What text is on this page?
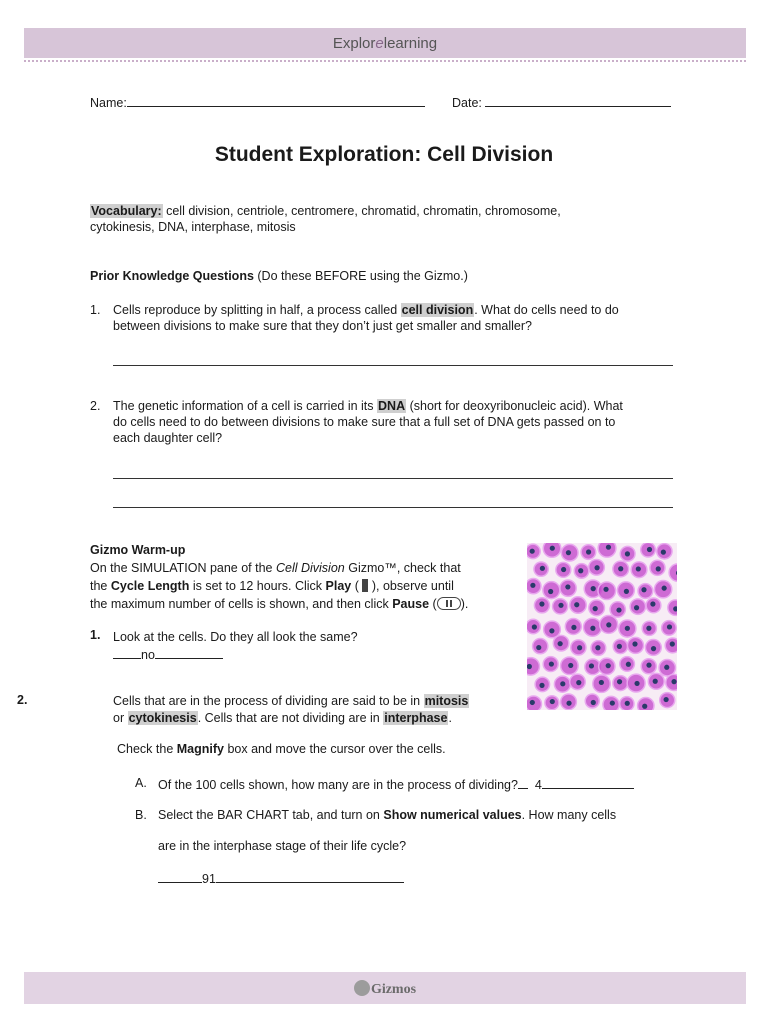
Explorelearning
Name:	Date:
Student Exploration: Cell Division

Vocabulary: cell division, centriole, centromere, chromatid, chromatin, chromosome,

cytokinesis, DNA, interphase, mitosis

Prior Knowledge Questions (Do these BEFORE using the Gizmo.)
1. Cells reproduce by splitting in half, a process called cell division. What do cells need to do

between divisions to make sure that they don’t just get smaller and smaller?

2. The genetic information of a cell is carried in its DNA (short for deoxyribonucleic acid). What

do cells need to do between divisions to make sure that a full set of DNA gets passed on to

each daughter cell?

Gizmo Warm-up

On the SIMULATION pane of the Cell Division Gizmo™, check that

the Cycle Length is set to 12 hours. Click Play ( ), observe until

the maximum number of cells is shown, and then click Pause ( ).

1. Look at the cells. Do they all look the same?

no

2.	Cells that are in the process of dividing are said to be in mitosis

or cytokinesis. Cells that are not dividing are in interphase.

Check the Magnify box and move the cursor over the cells.
A. Of the 100 cells shown, how many are in the process of dividing? 4
B. Select the BAR CHART tab, and turn on Show numerical values. How many cells

are in the interphase stage of their life cycle?

91

Gizmos
